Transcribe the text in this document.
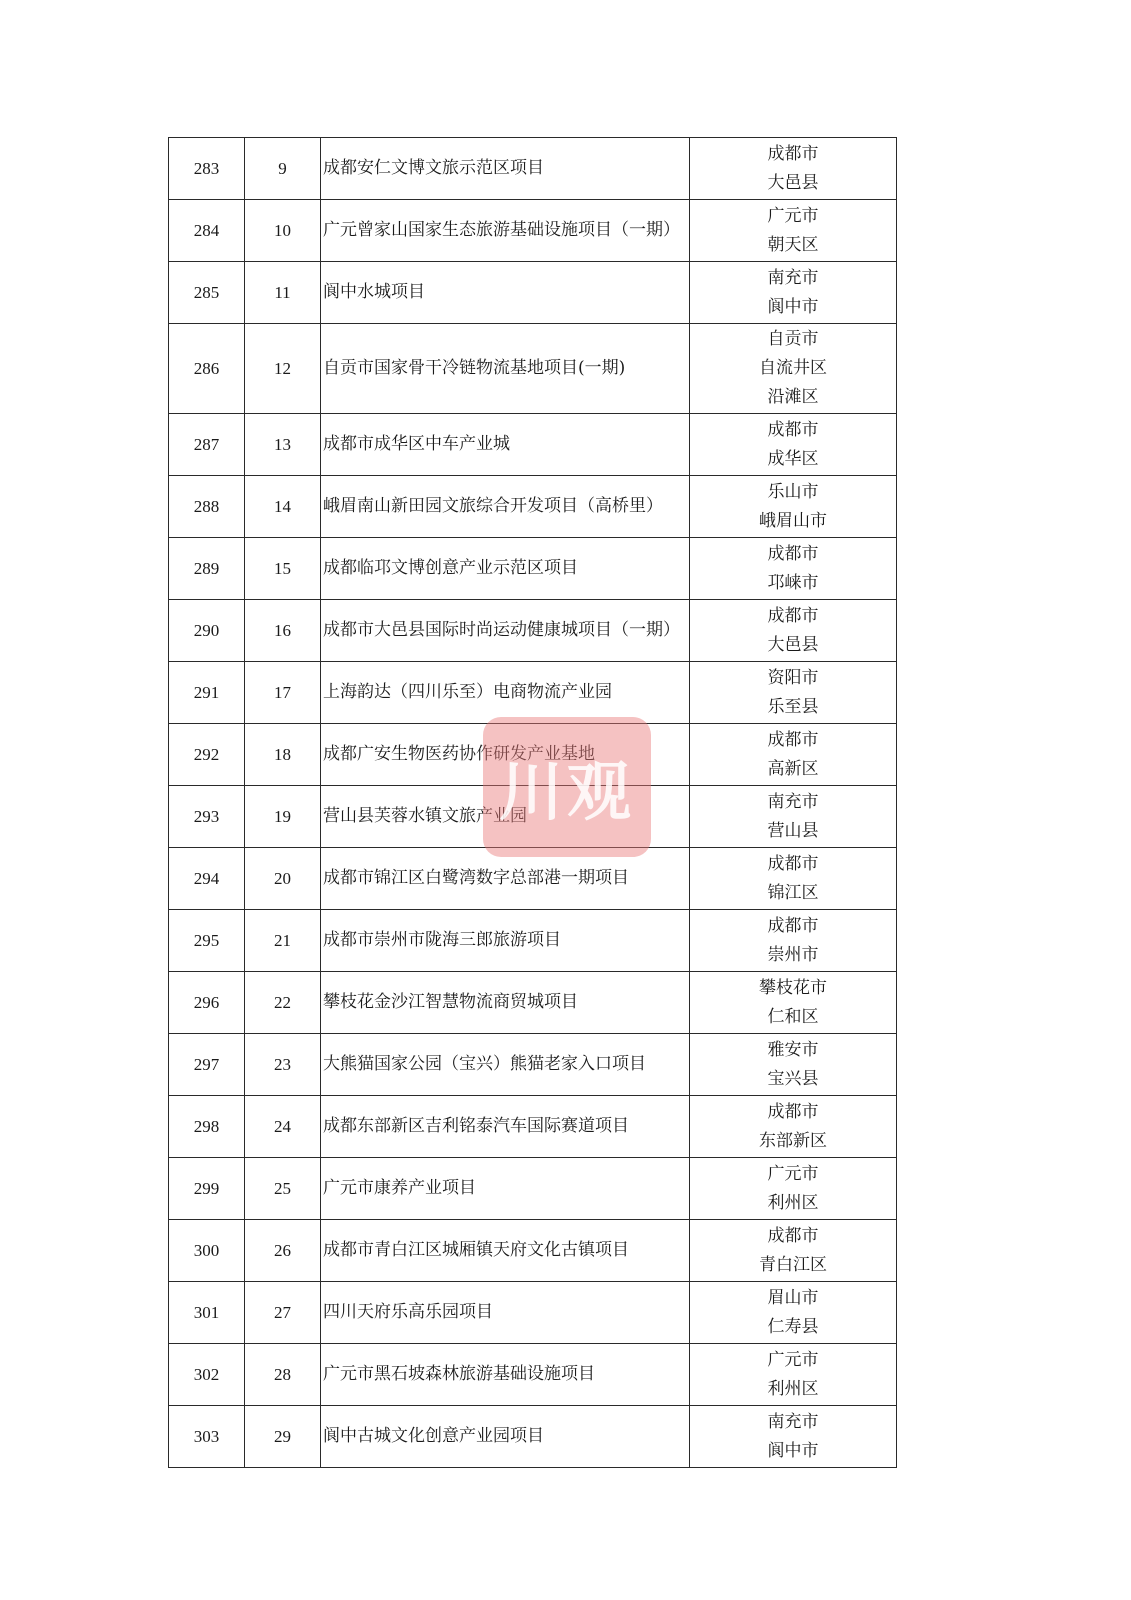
283	9	成都安仁文博文旅示范区项目	成都市
大邑县

284	10	广元曾家山国家生态旅游基础设施项目（一期）	广元市
朝天区

285	11	阆中水城项目	南充市
阆中市

286	12	自贡市国家骨干冷链物流基地项目(一期)	自贡市
自流井区
沿滩区

287	13	成都市成华区中车产业城	成都市
成华区

288	14	峨眉南山新田园文旅综合开发项目（高桥里）	乐山市
峨眉山市

289	15	成都临邛文博创意产业示范区项目	成都市
邛崃市

290	16	成都市大邑县国际时尚运动健康城项目（一期）	成都市
大邑县

291	17	上海韵达（四川乐至）电商物流产业园	资阳市
乐至县

292	18	成都广安生物医药协作研发产业基地	成都市
高新区

293	19	营山县芙蓉水镇文旅产业园	南充市
营山县

294	20	成都市锦江区白鹭湾数字总部港一期项目	成都市
锦江区

295	21	成都市崇州市陇海三郎旅游项目	成都市
崇州市

296	22	攀枝花金沙江智慧物流商贸城项目	攀枝花市
仁和区

297	23	大熊猫国家公园（宝兴）熊猫老家入口项目	雅安市
宝兴县

298	24	成都东部新区吉利铭泰汽车国际赛道项目	成都市
东部新区

299	25	广元市康养产业项目	广元市
利州区

300	26	成都市青白江区城厢镇天府文化古镇项目	成都市
青白江区

301	27	四川天府乐高乐园项目	眉山市
仁寿县

302	28	广元市黑石坡森林旅游基础设施项目	广元市
利州区

303	29	阆中古城文化创意产业园项目	南充市
阆中市
川观
